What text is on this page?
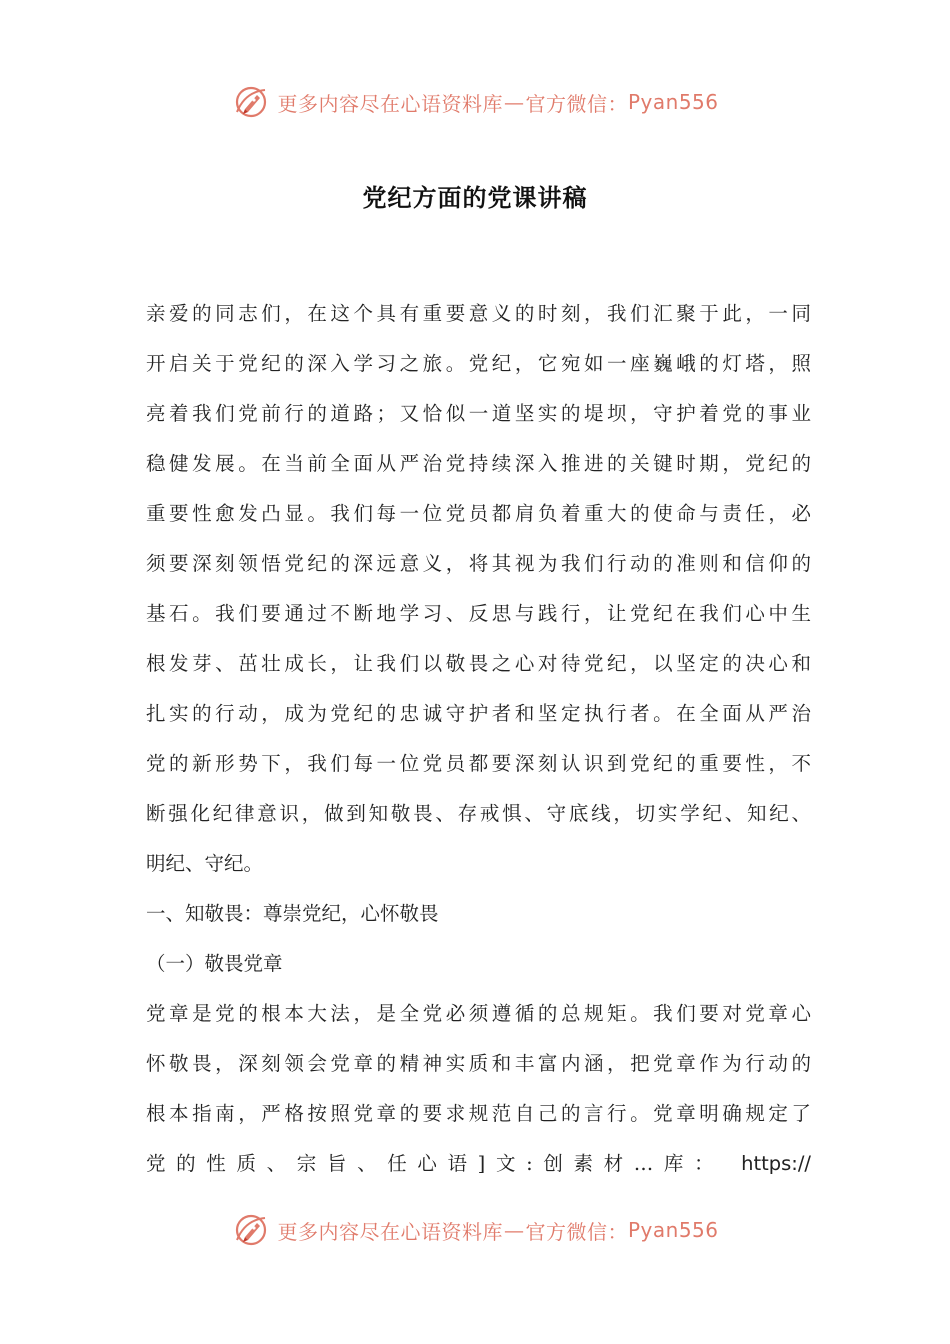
更多内容尽在心语资料库 — 官方微信： Pyan556
党纪方面的党课讲稿
亲爱的同志们，在这个具有重要意义的时刻，我们汇聚于此，一同
开启关于党纪的深入学习之旅。党纪，它宛如一座巍峨的灯塔，照
亮着我们党前行的道路；又恰似一道坚实的堤坝，守护着党的事业
稳健发展。在当前全面从严治党持续深入推进的关键时期，党纪的
重要性愈发凸显。我们每一位党员都肩负着重大的使命与责任，必
须要深刻领悟党纪的深远意义，将其视为我们行动的准则和信仰的
基石。我们要通过不断地学习、反思与践行，让党纪在我们心中生
根发芽、茁壮成长，让我们以敬畏之心对待党纪，以坚定的决心和
扎实的行动，成为党纪的忠诚守护者和坚定执行者。在全面从严治
党的新形势下，我们每一位党员都要深刻认识到党纪的重要性，不
断强化纪律意识，做到知敬畏、存戒惧、守底线，切实学纪、知纪、
明纪、守纪。
一、知敬畏：尊崇党纪，心怀敬畏
（一）敬畏党章
党章是党的根本大法，是全党必须遵循的总规矩。我们要对党章心
怀敬畏，深刻领会党章的精神实质和丰富内涵，把党章作为行动的
根本指南，严格按照党章的要求规范自己的言行。党章明确规定了
党的性质、宗旨、任心语]文:创素材…库： https://
更多内容尽在心语资料库 — 官方微信： Pyan556
